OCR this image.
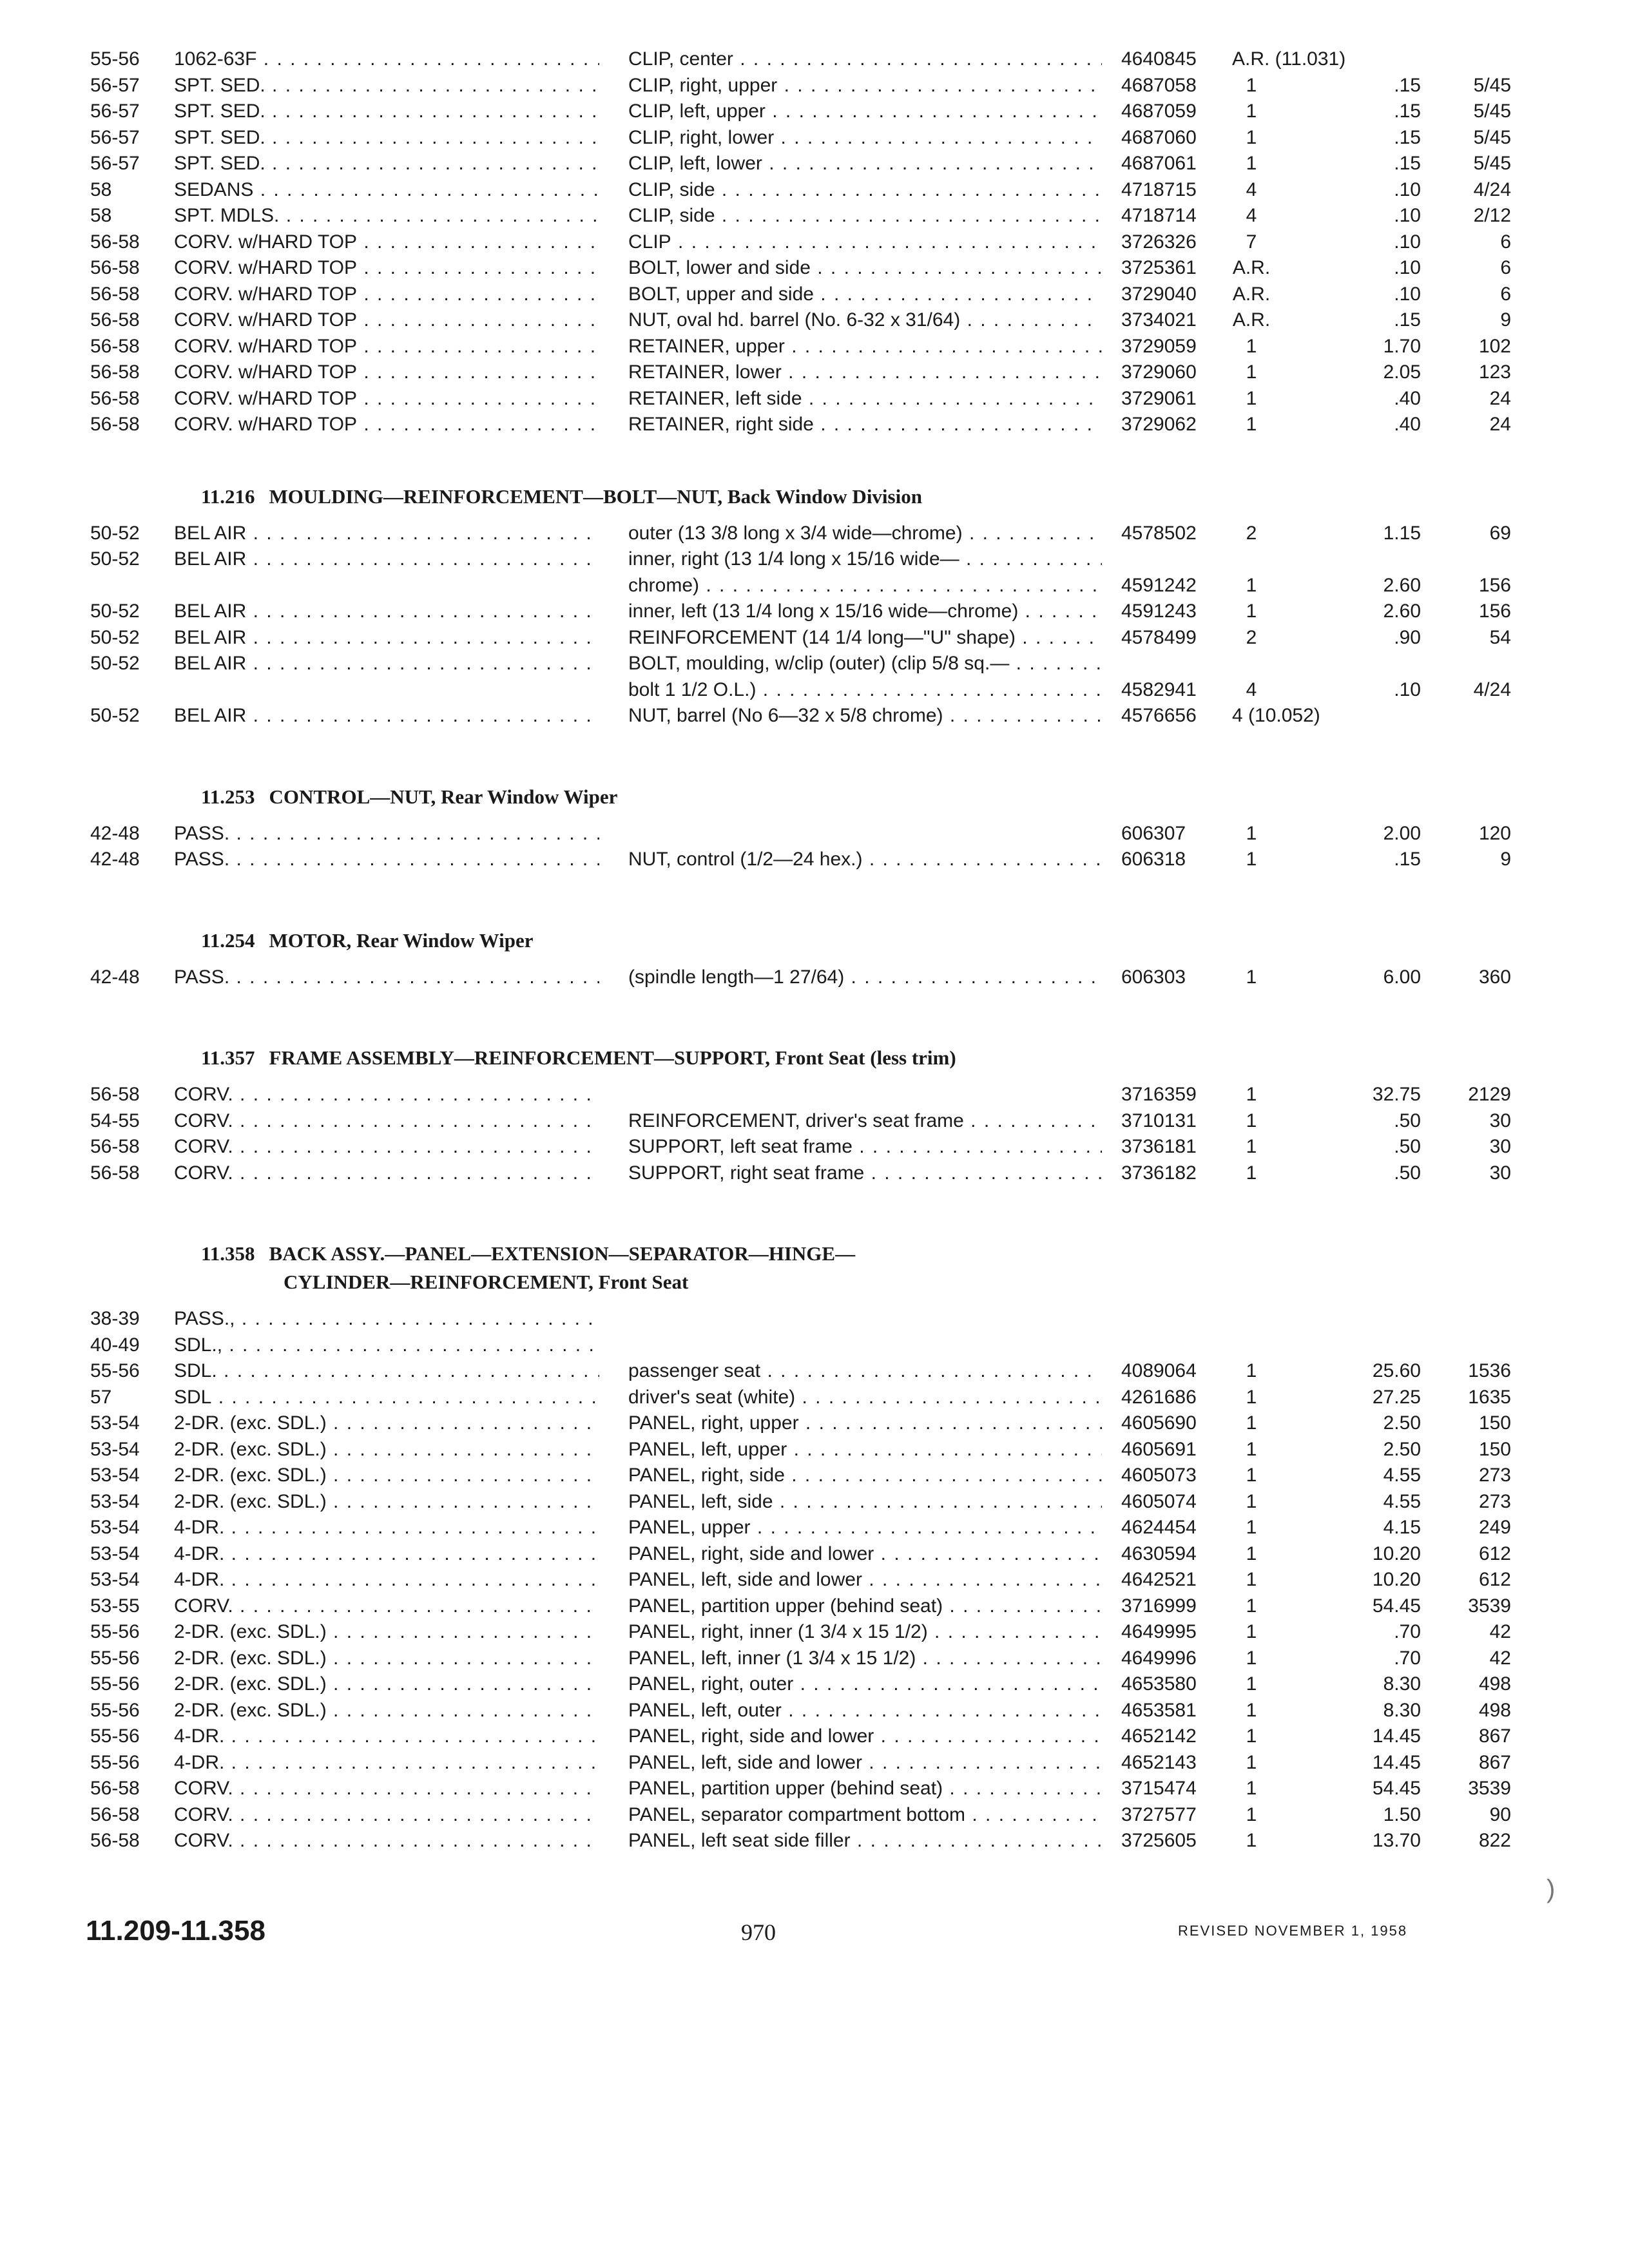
55-56 1062-63F . . .	CLIP, center . . .	4640845 A.R. (11.031)
56-57 SPT. SED. . . .	CLIP, right, upper . . .	4687058	1	.15	5/45
56-57 SPT. SED. . . .	CLIP, left, upper . . .	4687059	1	.15	5/45
56-57 SPT. SED. . . .	CLIP, right, lower . . .	4687060	1	.15	5/45
56-57 SPT. SED. . . .	CLIP, left, lower . . .	4687061	1	.15	5/45
58	SEDANS . . .	CLIP, side . . .	4718715	4	.10	4/24
58	SPT. MDLS. . . .	CLIP, side . . .	4718714	4	.10	2/12
56-58 CORV. w/HARD TOP . . .	CLIP . . .	3726326	7	.10	6
56-58 CORV. w/HARD TOP . . .	BOLT, lower and side . . .	3725361 A.R.	.10	6
56-58 CORV. w/HARD TOP . . .	BOLT, upper and side . . .	3729040 A.R.	.10	6
56-58 CORV. w/HARD TOP . . .	NUT, oval hd. barrel (No. 6-32 x 31/64) . . .	3734021 A.R.	.15	9
56-58 CORV. w/HARD TOP . . .	RETAINER, upper . . .	3729059	1	1.70	102
56-58 CORV. w/HARD TOP . . .	RETAINER, lower . . .	3729060	1	2.05	123
56-58 CORV. w/HARD TOP . . .	RETAINER, left side . . .	3729061	1	.40	24
56-58 CORV. w/HARD TOP . . .	RETAINER, right side . . .	3729062	1	.40	24
11.216 MOULDING—REINFORCEMENT—BOLT—NUT, Back Window Division
50-52 BEL AIR . . .	outer (13 3/8 long x 3/4 wide—chrome) . . .	4578502	2	1.15	69
50-52 BEL AIR . . .	inner, right (13 1/4 long x 15/16 wide— . . .
chrome) . . .	4591242	1	2.60	156
50-52 BEL AIR . . .	inner, left (13 1/4 long x 15/16 wide—chrome) . . .	4591243	1	2.60	156
50-52 BEL AIR . . .	REINFORCEMENT (14 1/4 long—"U" shape) . . .	4578499	2	.90	54
50-52 BEL AIR . . .	BOLT, moulding, w/clip (outer) (clip 5/8 sq.— . . .
bolt 1 1/2 O.L.) . . .	4582941	4	.10	4/24
50-52 BEL AIR . . .	NUT, barrel (No 6—32 x 5/8 chrome) . . .	4576656 4 (10.052)
11.253 CONTROL—NUT, Rear Window Wiper
42-48 PASS. . . .	606307	1	2.00	120
42-48 PASS. . . .	NUT, control (1/2—24 hex.) . . .	606318	1	.15	9
11.254 MOTOR, Rear Window Wiper
42-48 PASS. . . .	(spindle length—1 27/64) . . .	606303	1	6.00	360
11.357 FRAME ASSEMBLY—REINFORCEMENT—SUPPORT, Front Seat (less trim)
56-58 CORV. . . .	3716359	1	32.75	2129
54-55 CORV. . . .	REINFORCEMENT, driver's seat frame . . .	3710131	1	.50	30
56-58 CORV. . . .	SUPPORT, left seat frame . . .	3736181	1	.50	30
56-58 CORV. . . .	SUPPORT, right seat frame . . .	3736182	1	.50	30
11.358 BACK ASSY.—PANEL—EXTENSION—SEPARATOR—HINGE—
CYLINDER—REINFORCEMENT, Front Seat
38-39 PASS., . . .
40-49 SDL., . . .
55-56 SDL. . . .	passenger seat . . .	4089064	1	25.60	1536
57	SDL . . .	driver's seat (white) . . .	4261686	1	27.25	1635
53-54 2-DR. (exc. SDL.) . . .	PANEL, right, upper . . .	4605690	1	2.50	150
53-54 2-DR. (exc. SDL.) . . .	PANEL, left, upper . . .	4605691	1	2.50	150
53-54 2-DR. (exc. SDL.) . . .	PANEL, right, side . . .	4605073	1	4.55	273
53-54 2-DR. (exc. SDL.) . . .	PANEL, left, side . . .	4605074	1	4.55	273
53-54 4-DR. . . .	PANEL, upper . . .	4624454	1	4.15	249
53-54 4-DR. . . .	PANEL, right, side and lower . . .	4630594	1	10.20	612
53-54 4-DR. . . .	PANEL, left, side and lower . . .	4642521	1	10.20	612
53-55 CORV. . . .	PANEL, partition upper (behind seat) . . .	3716999	1	54.45	3539
55-56 2-DR. (exc. SDL.) . . .	PANEL, right, inner (1 3/4 x 15 1/2) . . .	4649995	1	.70	42
55-56 2-DR. (exc. SDL.) . . .	PANEL, left, inner (1 3/4 x 15 1/2) . . .	4649996	1	.70	42
55-56 2-DR. (exc. SDL.) . . .	PANEL, right, outer . . .	4653580	1	8.30	498
55-56 2-DR. (exc. SDL.) . . .	PANEL, left, outer . . .	4653581	1	8.30	498
55-56 4-DR. . . .	PANEL, right, side and lower . . .	4652142	1	14.45	867
55-56 4-DR. . . .	PANEL, left, side and lower . . .	4652143	1	14.45	867
56-58 CORV. . . .	PANEL, partition upper (behind seat) . . .	3715474	1	54.45	3539
56-58 CORV. . . .	PANEL, separator compartment bottom . . .	3727577	1	1.50	90
56-58 CORV. . . .	PANEL, left seat side filler . . .	3725605	1	13.70	822
11.209-11.358	970	REVISED NOVEMBER 1, 1958
)
